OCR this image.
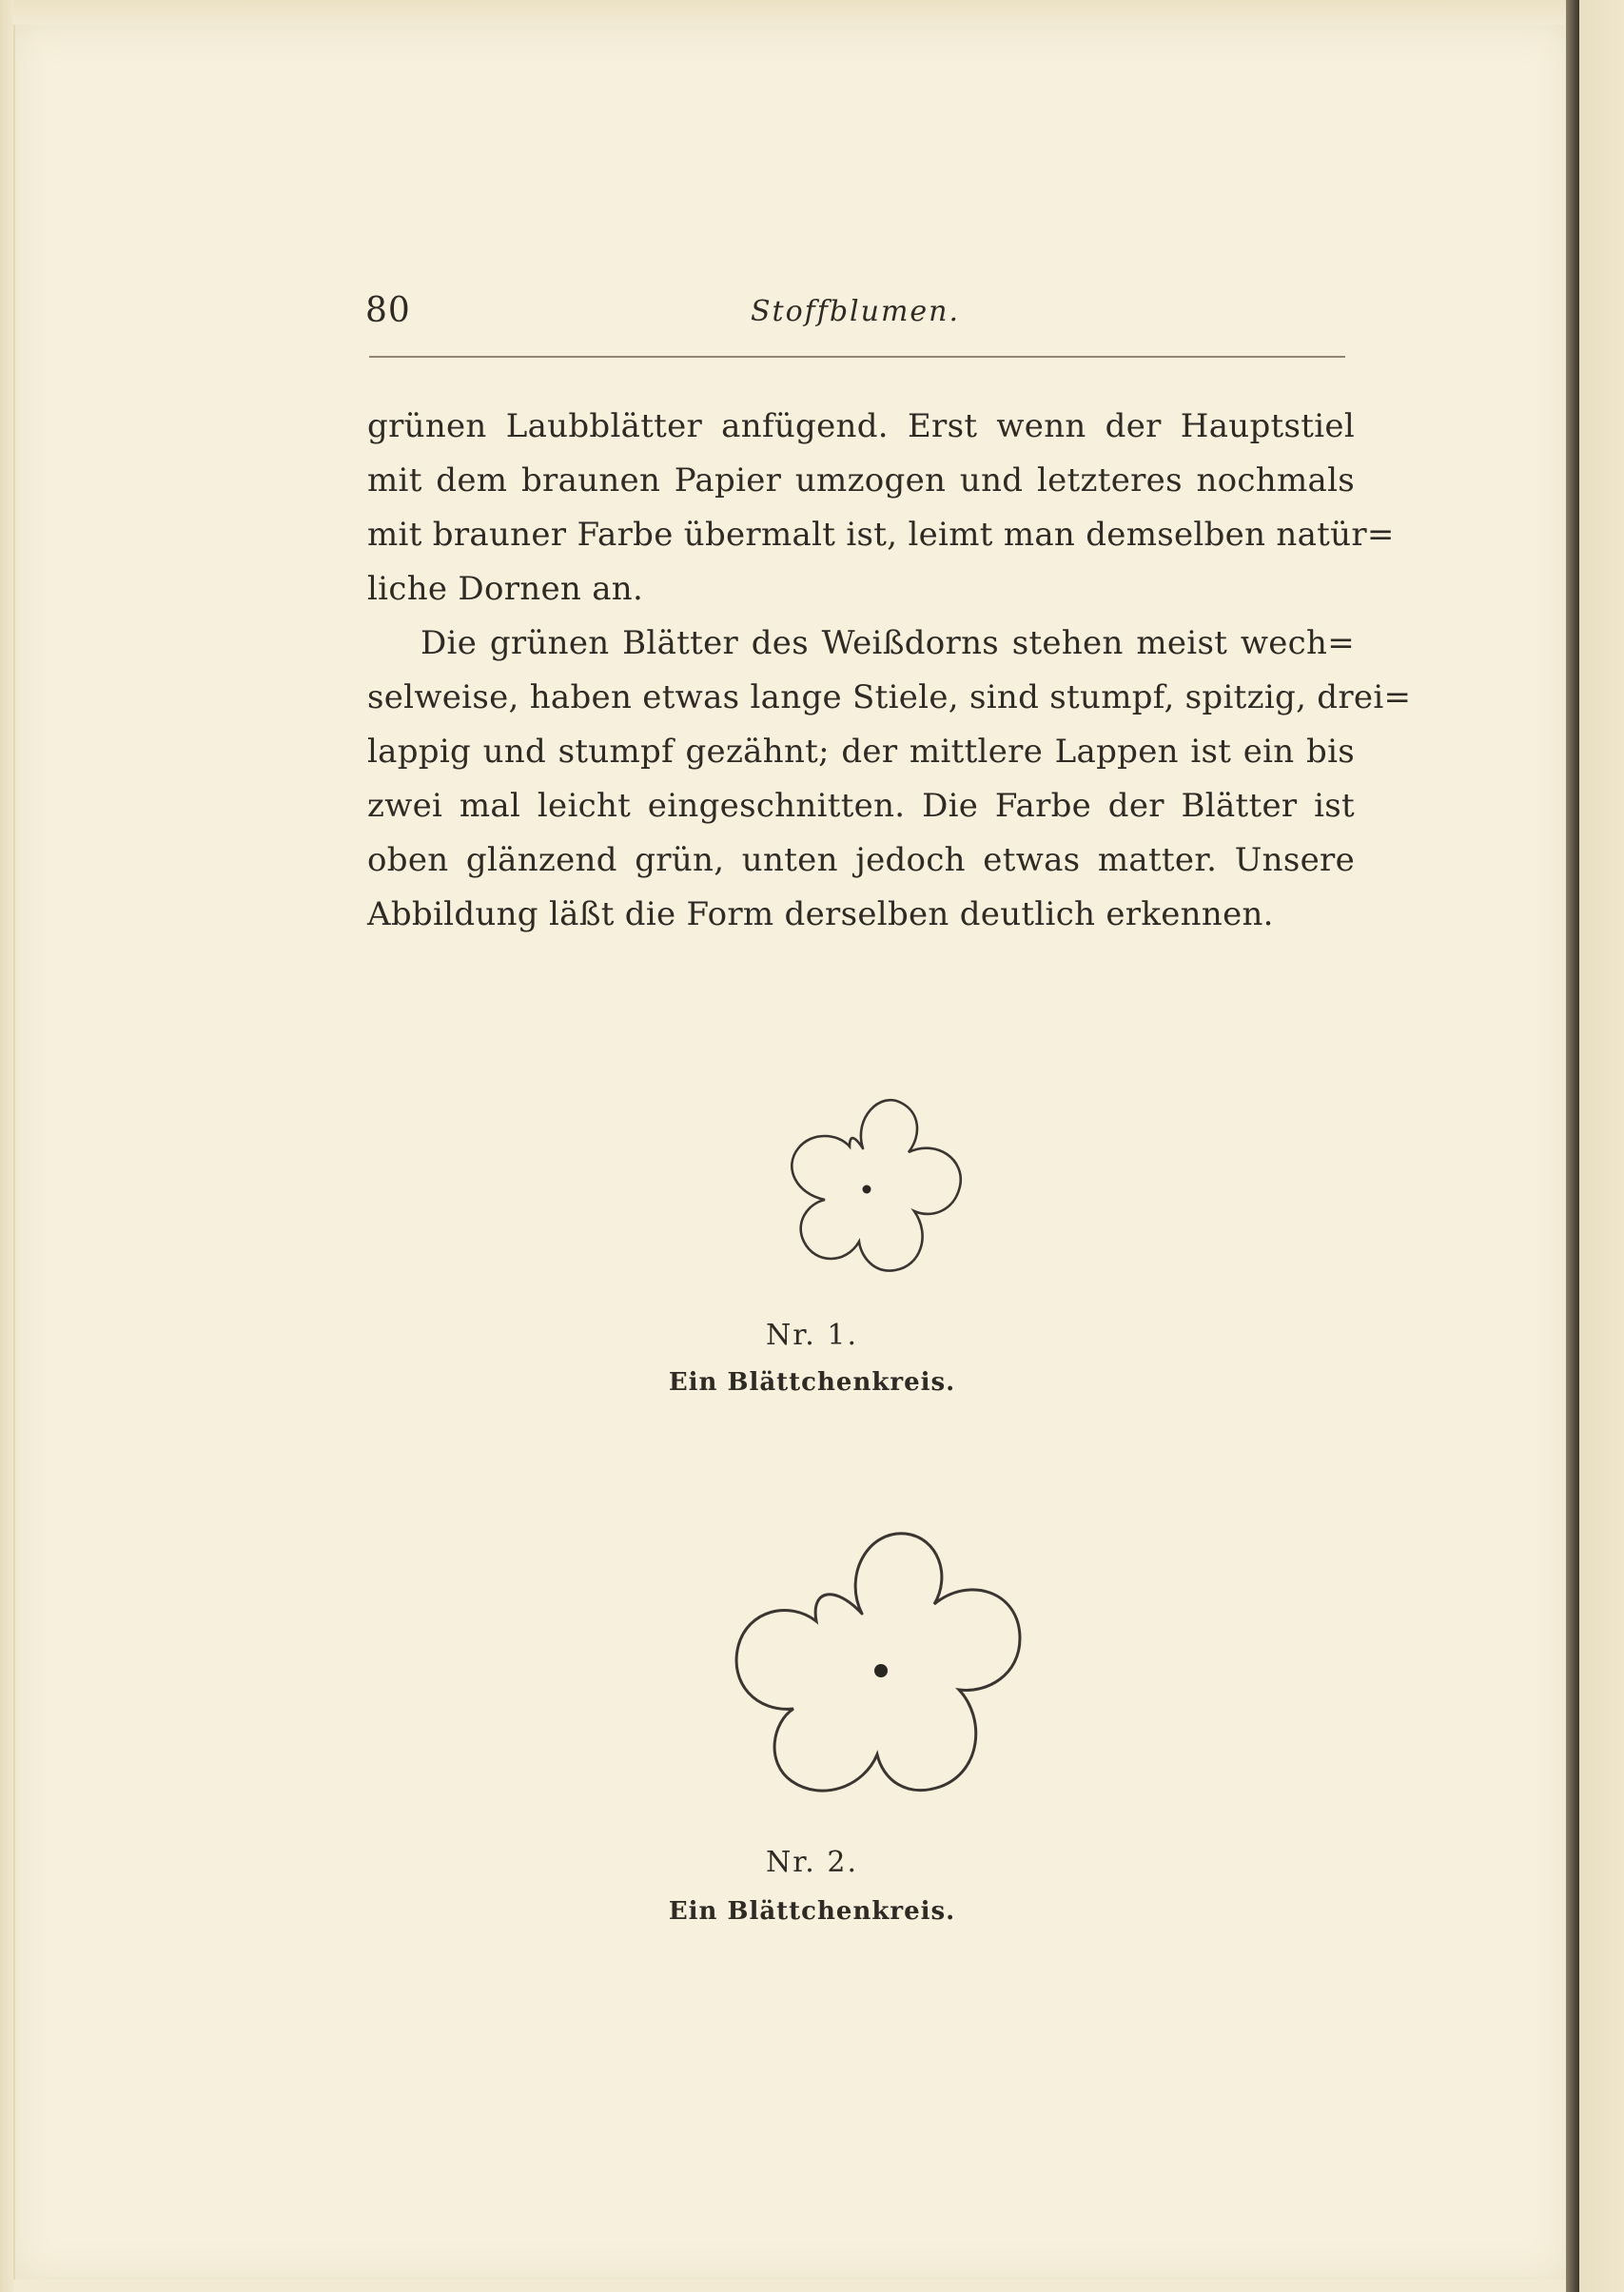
80	Stoffblumen.
grünen Laubblätter anfügend. Erst wenn der Hauptstiel
mit dem braunen Papier umzogen und letzteres nochmals
mit brauner Farbe übermalt ist, leimt man demselben natür=
liche Dornen an.
Die grünen Blätter des Weißdorns stehen meist wech=
selweise, haben etwas lange Stiele, sind stumpf, spitzig, drei=
lappig und stumpf gezähnt; der mittlere Lappen ist ein bis
zwei mal leicht eingeschnitten. Die Farbe der Blätter ist
oben glänzend grün, unten jedoch etwas matter. Unsere
Abbildung läßt die Form derselben deutlich erkennen.
Nr. 1.
Ein Blättchenkreis.
Nr. 2.
Ein Blättchenkreis.
